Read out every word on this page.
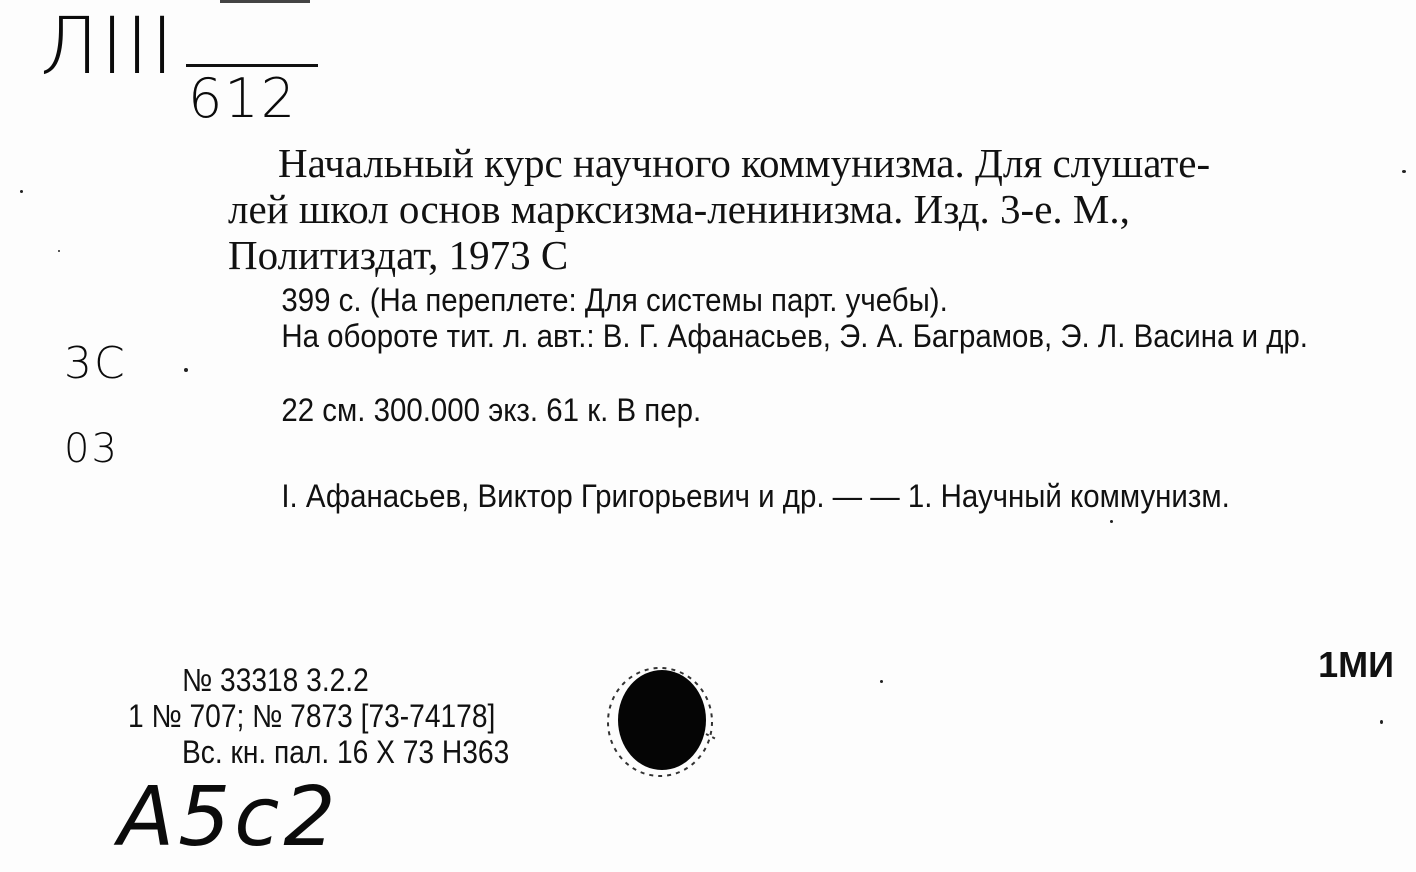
ЛIII
612
3C
03

Начальный курс научного коммунизма. Для слушате-
лей школ основ марксизма-ленинизма. Изд. 3-е. М.,
Политиздат, 1973 С

399 с. (На переплете: Для системы парт. учебы).

На обороте тит. л. авт.: В. Г. Афанасьев, Э. А. Баграмов, Э. Л. Васина и др.

22 см. 300.000 экз. 61 к. В пер.

I. Афанасьев, Виктор Григорьевич и др. — — 1. Научный коммунизм.

№ 33318 3.2.2

1 № 707; № 7873 [73-74178]

Вс. кн. пал. 16 X 73 Н363

1МИ
A5c2
